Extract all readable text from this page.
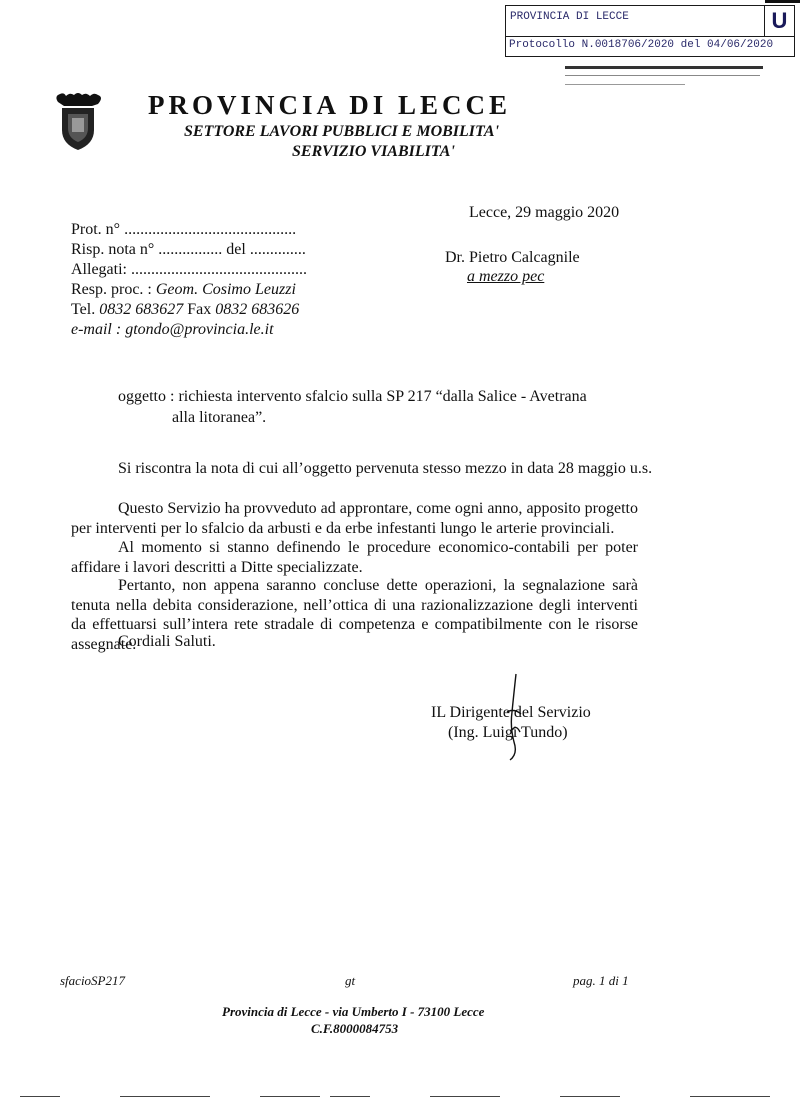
PROVINCIA DI LECCE	U
Protocollo N.0018706/2020 del 04/06/2020
PROVINCIA DI LECCE
SETTORE LAVORI PUBBLICI E MOBILITA'
SERVIZIO VIABILITA'
Prot. n° ...........................................
Risp. nota n° ................ del ..............
Allegati: ............................................
Resp. proc. : Geom. Cosimo Leuzzi
Tel. 0832 683627 Fax 0832 683626
e-mail : gtondo@provincia.le.it
Lecce, 29 maggio 2020
Dr. Pietro Calcagnile
a mezzo pec
oggetto : richiesta intervento sfalcio sulla SP 217 “dalla Salice - Avetrana
alla litoranea”.
Si riscontra la nota di cui all’oggetto pervenuta stesso mezzo in data 28 maggio u.s.
Questo Servizio ha provveduto ad approntare, come ogni anno, apposito progetto per interventi per lo sfalcio da arbusti e da erbe infestanti lungo le arterie provinciali.
Al momento si stanno definendo le procedure economico-contabili per poter affidare i lavori descritti a Ditte specializzate.
Pertanto, non appena saranno concluse dette operazioni, la segnalazione sarà tenuta nella debita considerazione, nell’ottica di una razionalizzazione degli interventi da effettuarsi sull’intera rete stradale di competenza e compatibilmente con le risorse assegnate.
Cordiali Saluti.
IL Dirigente del Servizio
(Ing. Luigi Tundo)
sfacioSP217	gt	pag. 1 di 1
Provincia di Lecce - via Umberto I - 73100 Lecce
C.F.8000084753
